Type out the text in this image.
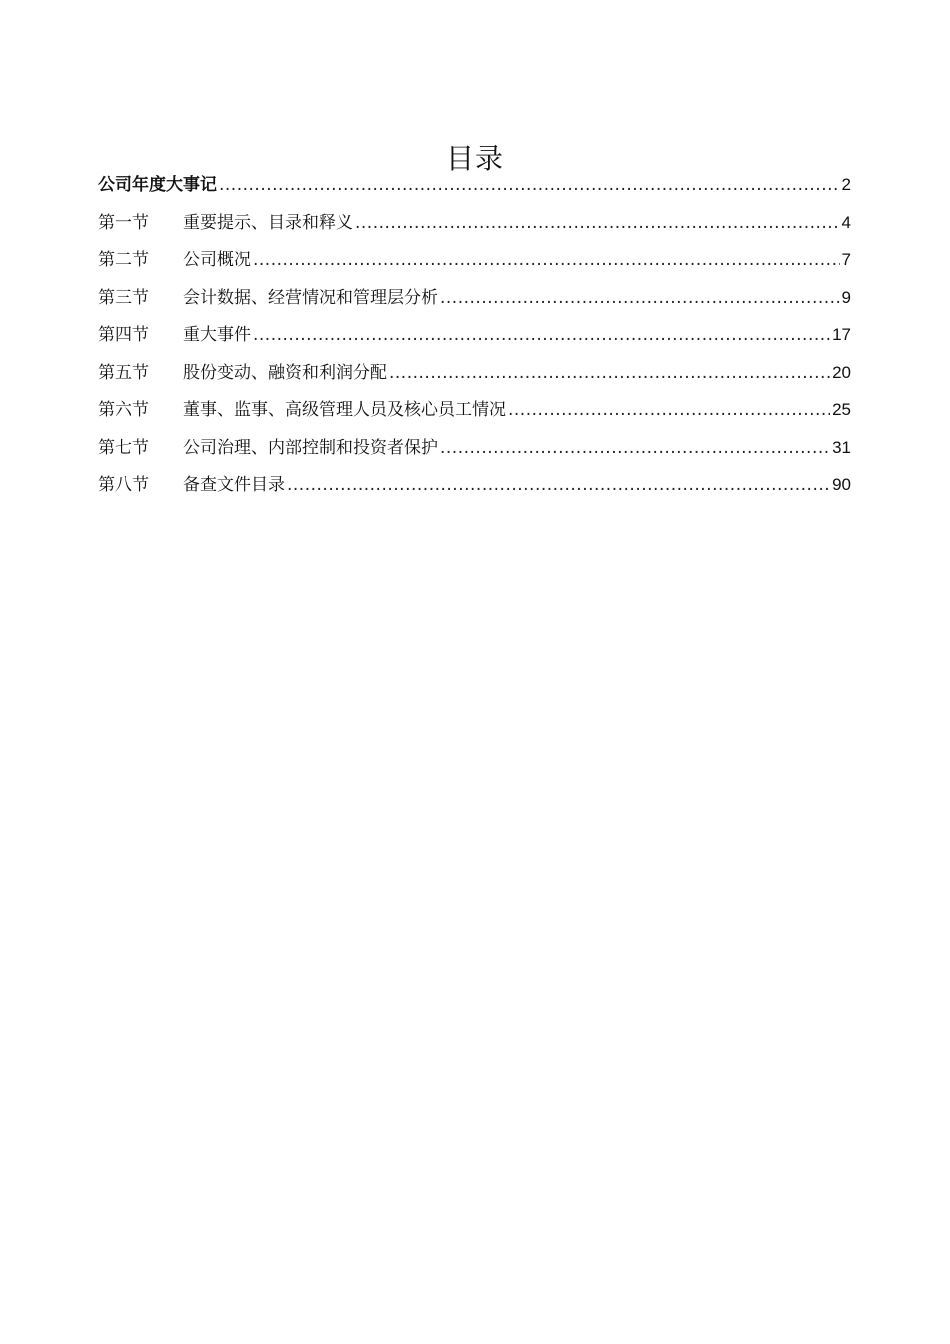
目录
公司年度大事记 .....	2
第一节	重要提示、目录和释义 .....	4
第二节	公司概况 .....	7
第三节	会计数据、经营情况和管理层分析 .....	9
第四节	重大事件 .....	17
第五节	股份变动、融资和利润分配 .....	20
第六节	董事、监事、高级管理人员及核心员工情况 .....	25
第七节	公司治理、内部控制和投资者保护 .....	31
第八节	备查文件目录 .....	90
